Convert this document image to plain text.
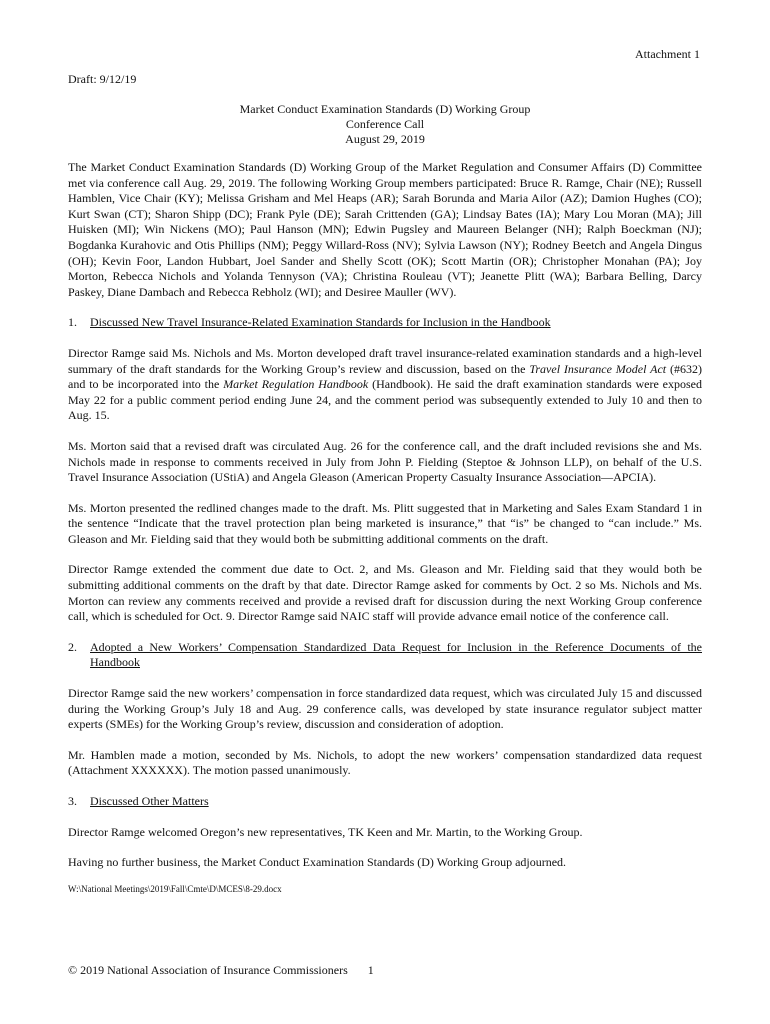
Attachment 1
Draft: 9/12/19
Market Conduct Examination Standards (D) Working Group
Conference Call
August 29, 2019

The Market Conduct Examination Standards (D) Working Group of the Market Regulation and Consumer Affairs (D) Committee met via conference call Aug. 29, 2019. The following Working Group members participated: Bruce R. Ramge, Chair (NE); Russell Hamblen, Vice Chair (KY); Melissa Grisham and Mel Heaps (AR); Sarah Borunda and Maria Ailor (AZ); Damion Hughes (CO); Kurt Swan (CT); Sharon Shipp (DC); Frank Pyle (DE); Sarah Crittenden (GA); Lindsay Bates (IA); Mary Lou Moran (MA); Jill Huisken (MI); Win Nickens (MO); Paul Hanson (MN); Edwin Pugsley and Maureen Belanger (NH); Ralph Boeckman (NJ); Bogdanka Kurahovic and Otis Phillips (NM); Peggy Willard-Ross (NV); Sylvia Lawson (NY); Rodney Beetch and Angela Dingus (OH); Kevin Foor, Landon Hubbart, Joel Sander and Shelly Scott (OK); Scott Martin (OR); Christopher Monahan (PA); Joy Morton, Rebecca Nichols and Yolanda Tennyson (VA); Christina Rouleau (VT); Jeanette Plitt (WA); Barbara Belling, Darcy Paskey, Diane Dambach and Rebecca Rebholz (WI); and Desiree Mauller (WV).

1.	Discussed New Travel Insurance-Related Examination Standards for Inclusion in the Handbook

Director Ramge said Ms. Nichols and Ms. Morton developed draft travel insurance-related examination standards and a high-level summary of the draft standards for the Working Group’s review and discussion, based on the Travel Insurance Model Act (#632) and to be incorporated into the Market Regulation Handbook (Handbook). He said the draft examination standards were exposed May 22 for a public comment period ending June 24, and the comment period was subsequently extended to July 10 and then to Aug. 15.

Ms. Morton said that a revised draft was circulated Aug. 26 for the conference call, and the draft included revisions she and Ms. Nichols made in response to comments received in July from John P. Fielding (Steptoe & Johnson LLP), on behalf of the U.S. Travel Insurance Association (UStiA) and Angela Gleason (American Property Casualty Insurance Association—APCIA).

Ms. Morton presented the redlined changes made to the draft. Ms. Plitt suggested that in Marketing and Sales Exam Standard 1 in the sentence “Indicate that the travel protection plan being marketed is insurance,” that “is” be changed to “can include.” Ms. Gleason and Mr. Fielding said that they would both be submitting additional comments on the draft.

Director Ramge extended the comment due date to Oct. 2, and Ms. Gleason and Mr. Fielding said that they would both be submitting additional comments on the draft by that date. Director Ramge asked for comments by Oct. 2 so Ms. Nichols and Ms. Morton can review any comments received and provide a revised draft for discussion during the next Working Group conference call, which is scheduled for Oct. 9. Director Ramge said NAIC staff will provide advance email notice of the conference call.

2.	Adopted a New Workers’ Compensation Standardized Data Request for Inclusion in the Reference Documents of the Handbook

Director Ramge said the new workers’ compensation in force standardized data request, which was circulated July 15 and discussed during the Working Group’s July 18 and Aug. 29 conference calls, was developed by state insurance regulator subject matter experts (SMEs) for the Working Group’s review, discussion and consideration of adoption.

Mr. Hamblen made a motion, seconded by Ms. Nichols, to adopt the new workers’ compensation standardized data request (Attachment XXXXXX). The motion passed unanimously.

3.	Discussed Other Matters

Director Ramge welcomed Oregon’s new representatives, TK Keen and Mr. Martin, to the Working Group.

Having no further business, the Market Conduct Examination Standards (D) Working Group adjourned.

W:\National Meetings\2019\Fall\Cmte\D\MCES\8-29.docx
© 2019 National Association of Insurance Commissioners 1
